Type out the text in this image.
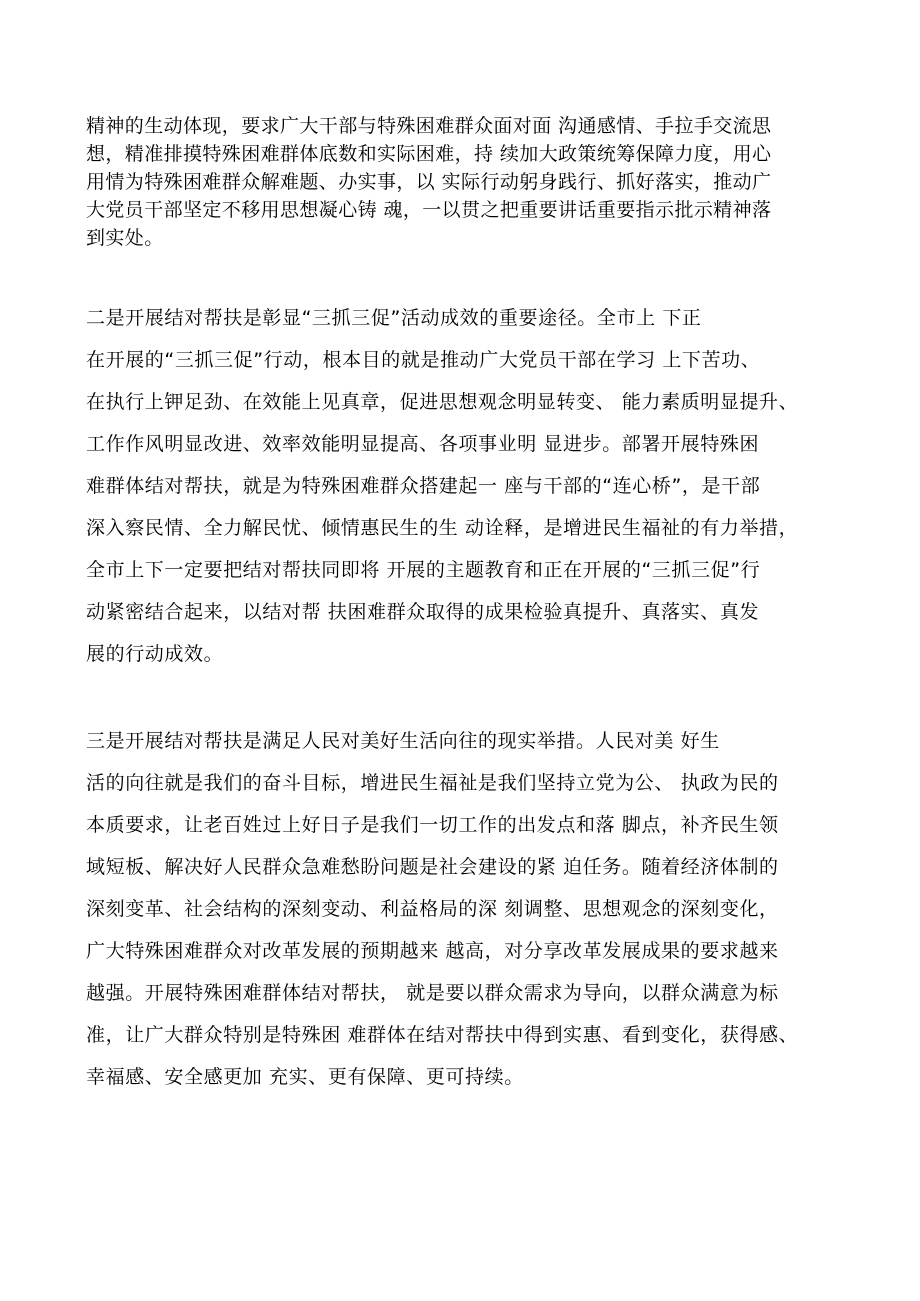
精神的生动体现，要求广大干部与特殊困难群众面对面 沟通感情、手拉手交流思
想，精准排摸特殊困难群体底数和实际困难，持 续加大政策统筹保障力度，用心
用情为特殊困难群众解难题、办实事，以 实际行动躬身践行、抓好落实，推动广
大党员干部坚定不移用思想凝心铸 魂，一以贯之把重要讲话重要指示批示精神落
到实处。
二是开展结对帮扶是彰显“三抓三促”活动成效的重要途径。全市上 下正
在开展的“三抓三促”行动，根本目的就是推动广大党员干部在学习 上下苦功、
在执行上钾足劲、在效能上见真章，促进思想观念明显转变、 能力素质明显提升、
工作作风明显改进、效率效能明显提高、各项事业明 显进步。部署开展特殊困
难群体结对帮扶，就是为特殊困难群众搭建起一 座与干部的“连心桥”，是干部
深入察民情、全力解民忧、倾情惠民生的生 动诠释，是增进民生福祉的有力举措，
全市上下一定要把结对帮扶同即将 开展的主题教育和正在开展的“三抓三促”行
动紧密结合起来，以结对帮 扶困难群众取得的成果检验真提升、真落实、真发
展的行动成效。
三是开展结对帮扶是满足人民对美好生活向往的现实举措。人民对美 好生
活的向往就是我们的奋斗目标，增进民生福祉是我们坚持立党为公、 执政为民的
本质要求，让老百姓过上好日子是我们一切工作的出发点和落 脚点，补齐民生领
域短板、解决好人民群众急难愁盼问题是社会建设的紧 迫任务。随着经济体制的
深刻变革、社会结构的深刻变动、利益格局的深 刻调整、思想观念的深刻变化，
广大特殊困难群众对改革发展的预期越来 越高，对分享改革发展成果的要求越来
越强。开展特殊困难群体结对帮扶， 就是要以群众需求为导向，以群众满意为标
准，让广大群众特别是特殊困 难群体在结对帮扶中得到实惠、看到变化，获得感、
幸福感、安全感更加 充实、更有保障、更可持续。
